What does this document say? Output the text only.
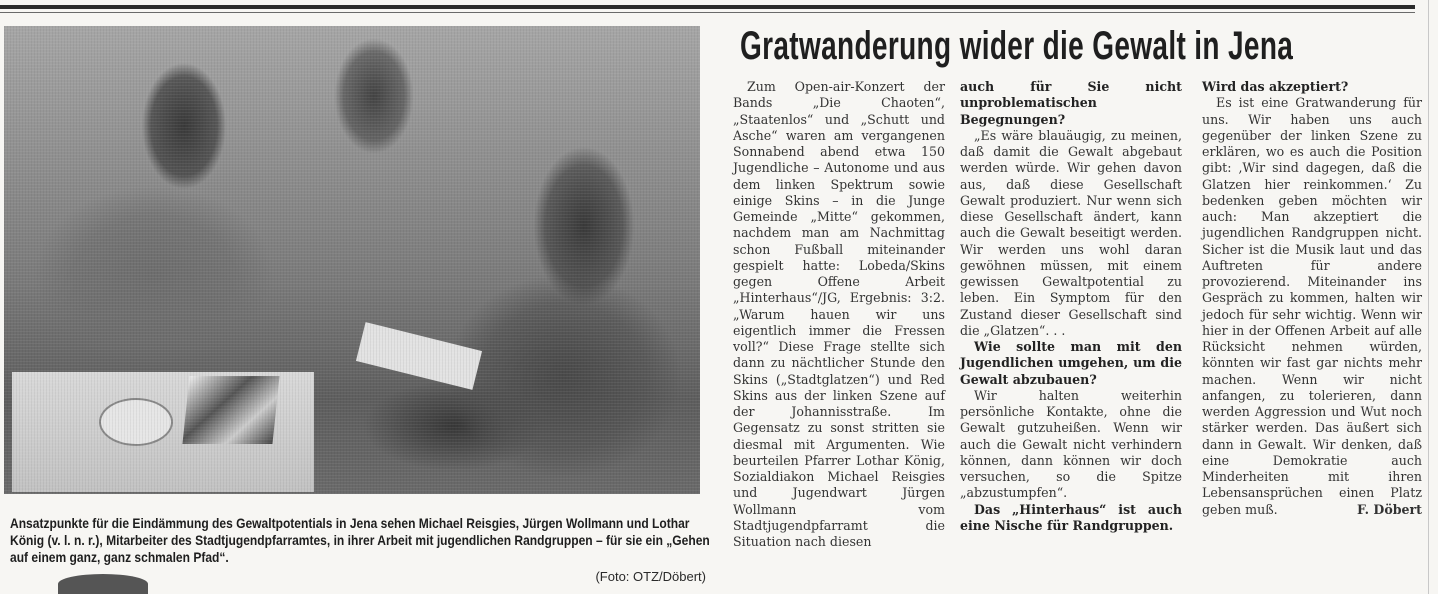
Ansatzpunkte für die Eindämmung des Gewaltpotentials in Jena sehen Michael Reisgies, Jürgen Wollmann und Lothar König (v. l. n. r.), Mitarbeiter des Stadtjugendpfarramtes, in ihrer Arbeit mit jugendlichen Randgruppen – für sie ein „Gehen auf einem ganz, ganz schmalen Pfad“.
(Foto: OTZ/Döbert)
Gratwanderung wider die Gewalt in Jena

Zum Open-air-Konzert der Bands „Die Chaoten“, „Staatenlos“ und „Schutt und Asche“ waren am vergangenen Sonnabend abend etwa 150 Jugendliche – Autonome und aus dem linken Spektrum sowie einige Skins – in die Junge Gemeinde „Mitte“ gekommen, nachdem man am Nachmittag schon Fußball miteinander gespielt hatte: Lobeda/Skins gegen Offene Arbeit „Hinterhaus“/JG, Ergebnis: 3:2. „Warum hauen wir uns eigentlich immer die Fressen voll?“ Diese Frage stellte sich dann zu nächtlicher Stunde den Skins („Stadtglatzen“) und Red Skins aus der linken Szene auf der Johannisstraße. Im Gegensatz zu sonst stritten sie diesmal mit Argumenten. Wie beurteilen Pfarrer Lothar König, Sozialdiakon Michael Reisgies und Jugendwart Jürgen Wollmann vom Stadtjugendpfarramt die Situation nach diesen

auch für Sie nicht unproblematischen Begegnungen?

„Es wäre blauäugig, zu meinen, daß damit die Gewalt abgebaut werden würde. Wir gehen davon aus, daß diese Gesellschaft Gewalt produziert. Nur wenn sich diese Gesellschaft ändert, kann auch die Gewalt beseitigt werden. Wir werden uns wohl daran gewöhnen müssen, mit einem gewissen Gewaltpotential zu leben. Ein Symptom für den Zustand dieser Gesellschaft sind die „Glatzen“. . .

Wie sollte man mit den Jugendlichen umgehen, um die Gewalt abzubauen?

Wir halten weiterhin persönliche Kontakte, ohne die Gewalt gutzuheißen. Wenn wir auch die Gewalt nicht verhindern können, dann können wir doch versuchen, so die Spitze „abzustumpfen“.

Das „Hinterhaus“ ist auch eine Nische für Randgruppen.

Wird das akzeptiert?

Es ist eine Gratwanderung für uns. Wir haben uns auch gegenüber der linken Szene zu erklären, wo es auch die Position gibt: ‚Wir sind dagegen, daß die Glatzen hier reinkommen.‘ Zu bedenken geben möchten wir auch: Man akzeptiert die jugendlichen Randgruppen nicht. Sicher ist die Musik laut und das Auftreten für andere provozierend. Miteinander ins Gespräch zu kommen, halten wir jedoch für sehr wichtig. Wenn wir hier in der Offenen Arbeit auf alle Rücksicht nehmen würden, könnten wir fast gar nichts mehr machen. Wenn wir nicht anfangen, zu tolerieren, dann werden Aggression und Wut noch stärker werden. Das äußert sich dann in Gewalt. Wir denken, daß eine Demokratie auch Minderheiten mit ihren Lebensansprüchen einen Platz geben muß.	F. Döbert
